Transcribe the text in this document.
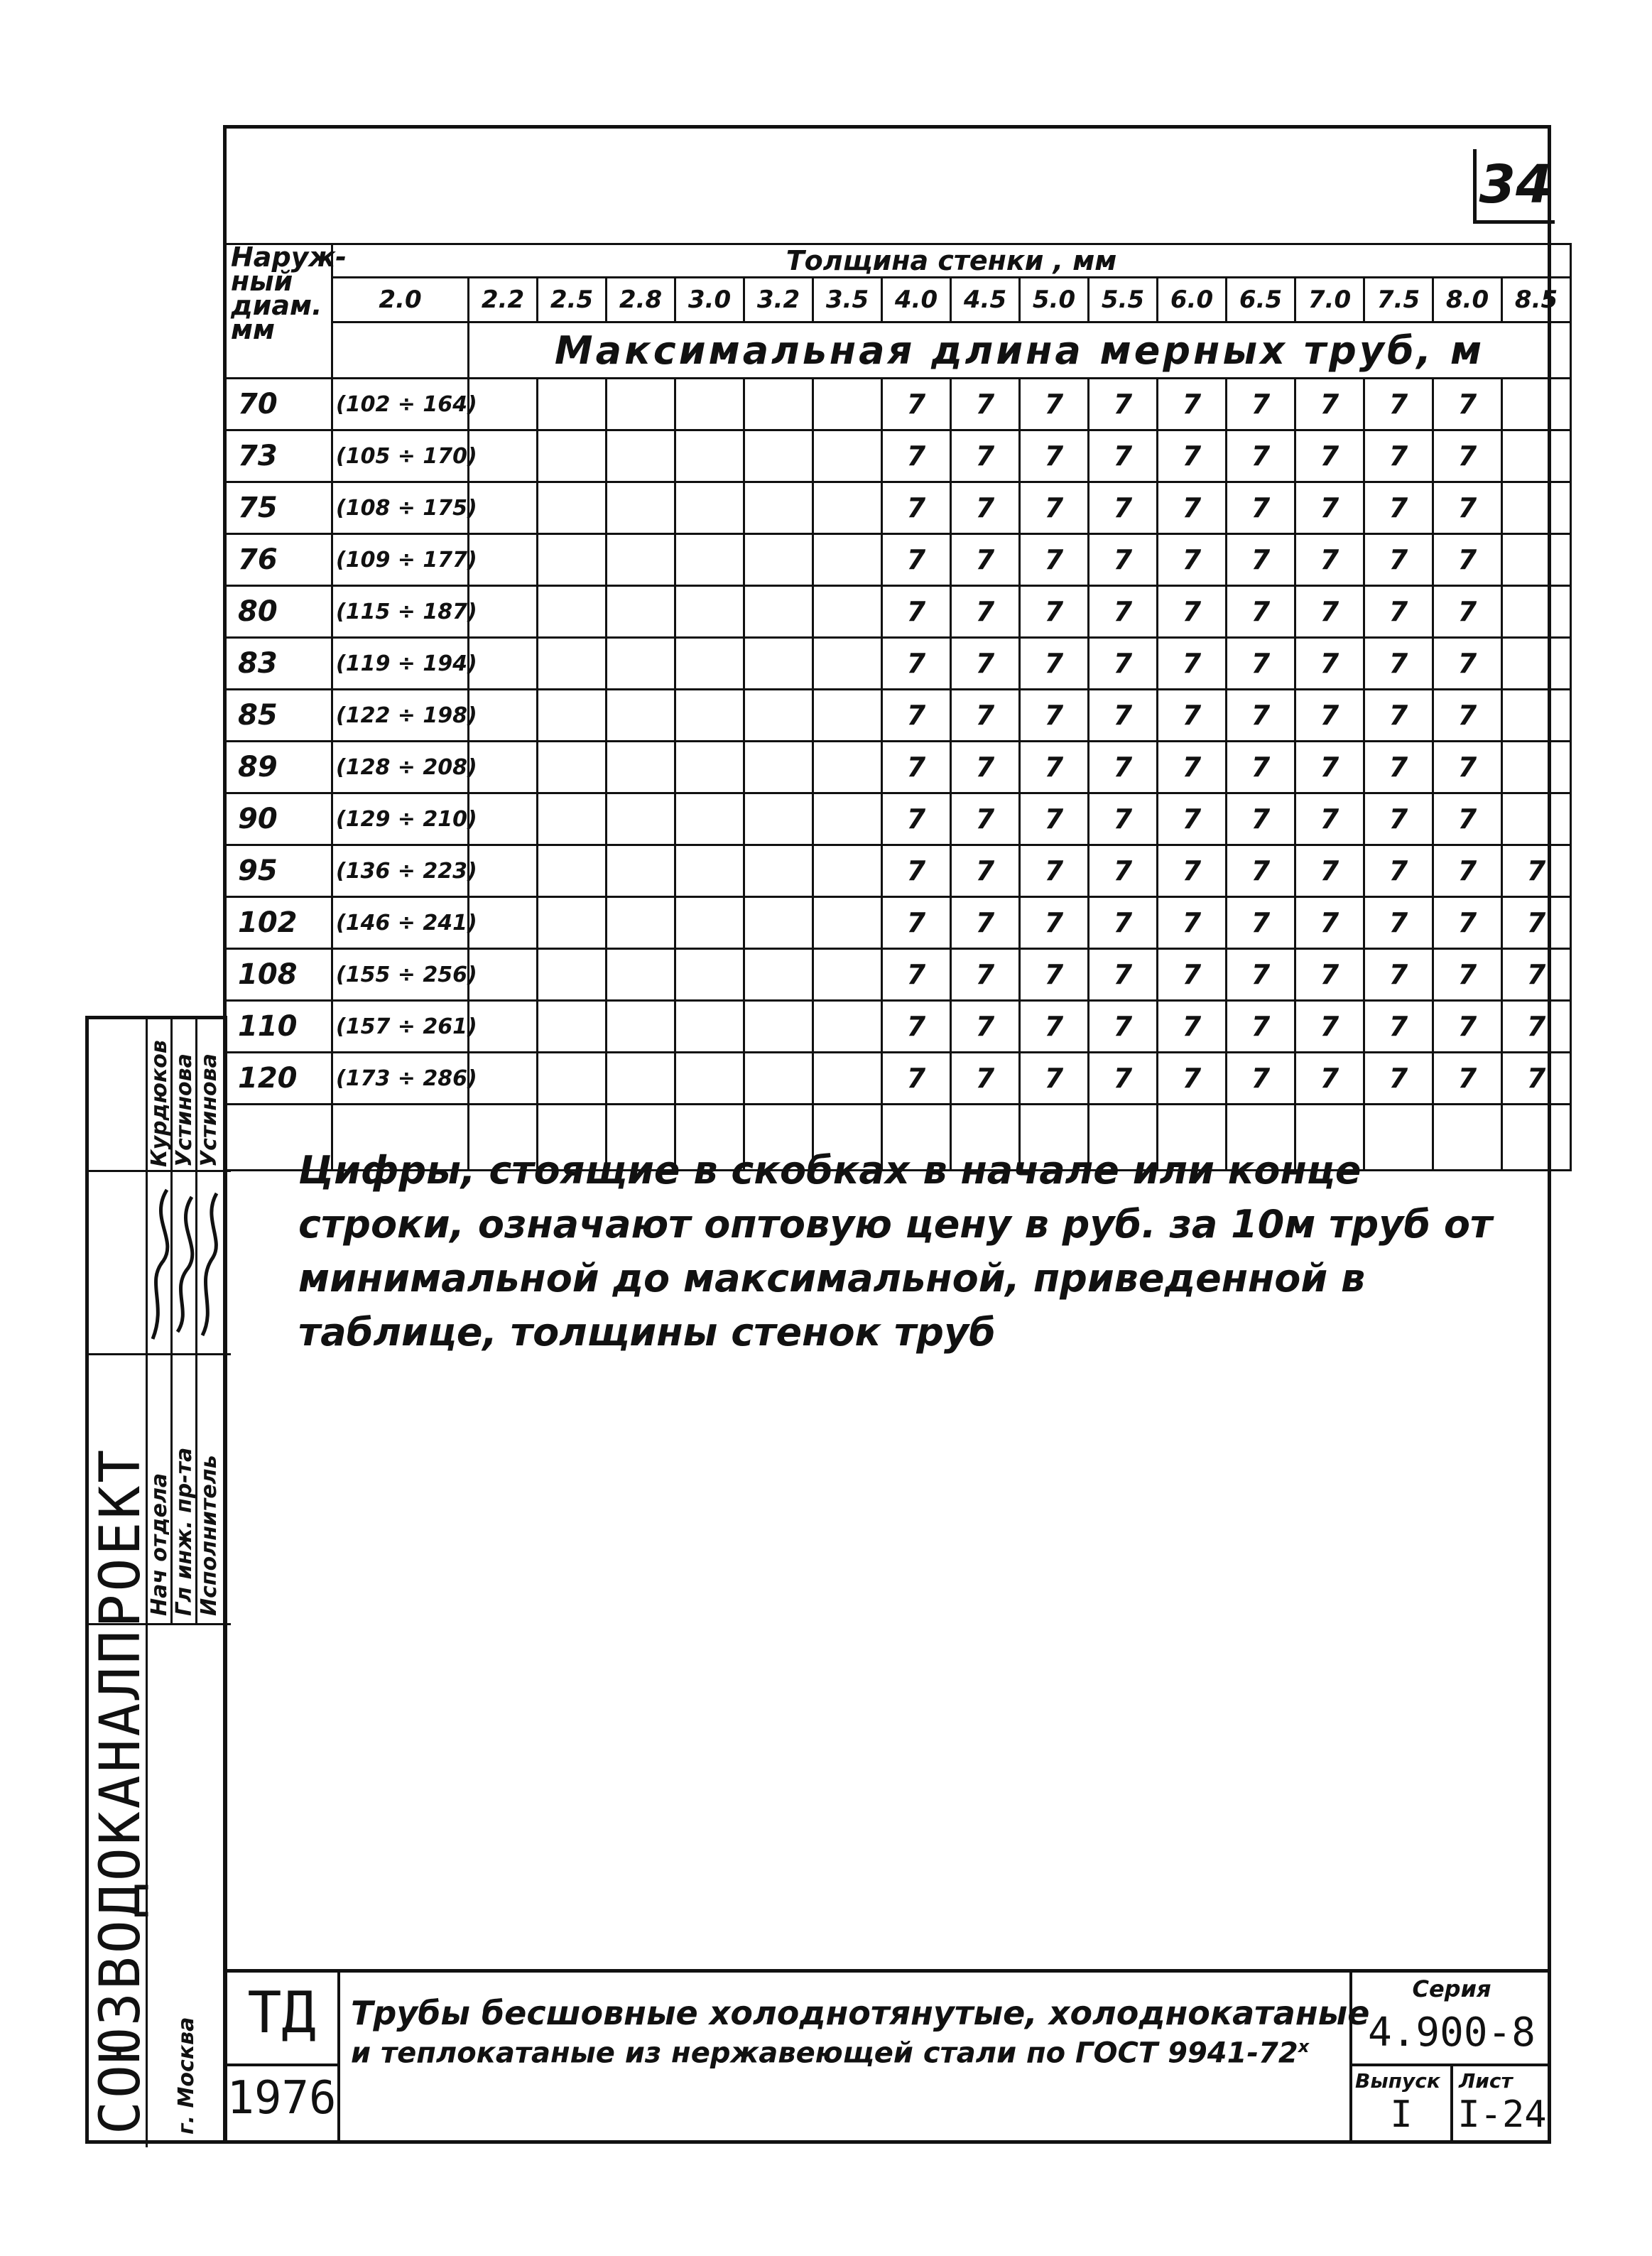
34
Наруж-ный диам. мм	Толщина стенки , мм																	
	2.0	2.2	2.5	2.8	3.0	3.2	3.5	4.0	4.5	5.0	5.5	6.0	6.5	7.0	7.5	8.0	8.5	
		Максимальная длина мерных труб, м																
70	(102 ÷ 164)							7	7	7	7	7	7	7	7	7		
73	(105 ÷ 170)							7	7	7	7	7	7	7	7	7		
75	(108 ÷ 175)							7	7	7	7	7	7	7	7	7		
76	(109 ÷ 177)							7	7	7	7	7	7	7	7	7		
80	(115 ÷ 187)							7	7	7	7	7	7	7	7	7		
83	(119 ÷ 194)							7	7	7	7	7	7	7	7	7		
85	(122 ÷ 198)							7	7	7	7	7	7	7	7	7		
89	(128 ÷ 208)							7	7	7	7	7	7	7	7	7		
90	(129 ÷ 210)							7	7	7	7	7	7	7	7	7		
95	(136 ÷ 223)							7	7	7	7	7	7	7	7	7	7	
102	(146 ÷ 241)							7	7	7	7	7	7	7	7	7	7	
108	(155 ÷ 256)							7	7	7	7	7	7	7	7	7	7	
110	(157 ÷ 261)							7	7	7	7	7	7	7	7	7	7	
120	(173 ÷ 286)							7	7	7	7	7	7	7	7	7	7	

Цифры, стоящие в скобках в начале или конце строки, означают оптовую цену в руб. за 10м труб от минимальной до максимальной, приведенной в таблице, толщины стенок труб
СОЮЗВОДОКАНАЛПРОЕКТ г. Москва
Курдюков Устинова Устинова
Нач отдела Гл инж. пр-та Исполнитель
ТД
1976
Трубы бесшовные холоднотянутые, холоднокатаные
и теплокатаные из нержавеющей стали по ГОСТ 9941-72$^x$
Серия
4.900-8
Выпуск
I
Лист
I-24
